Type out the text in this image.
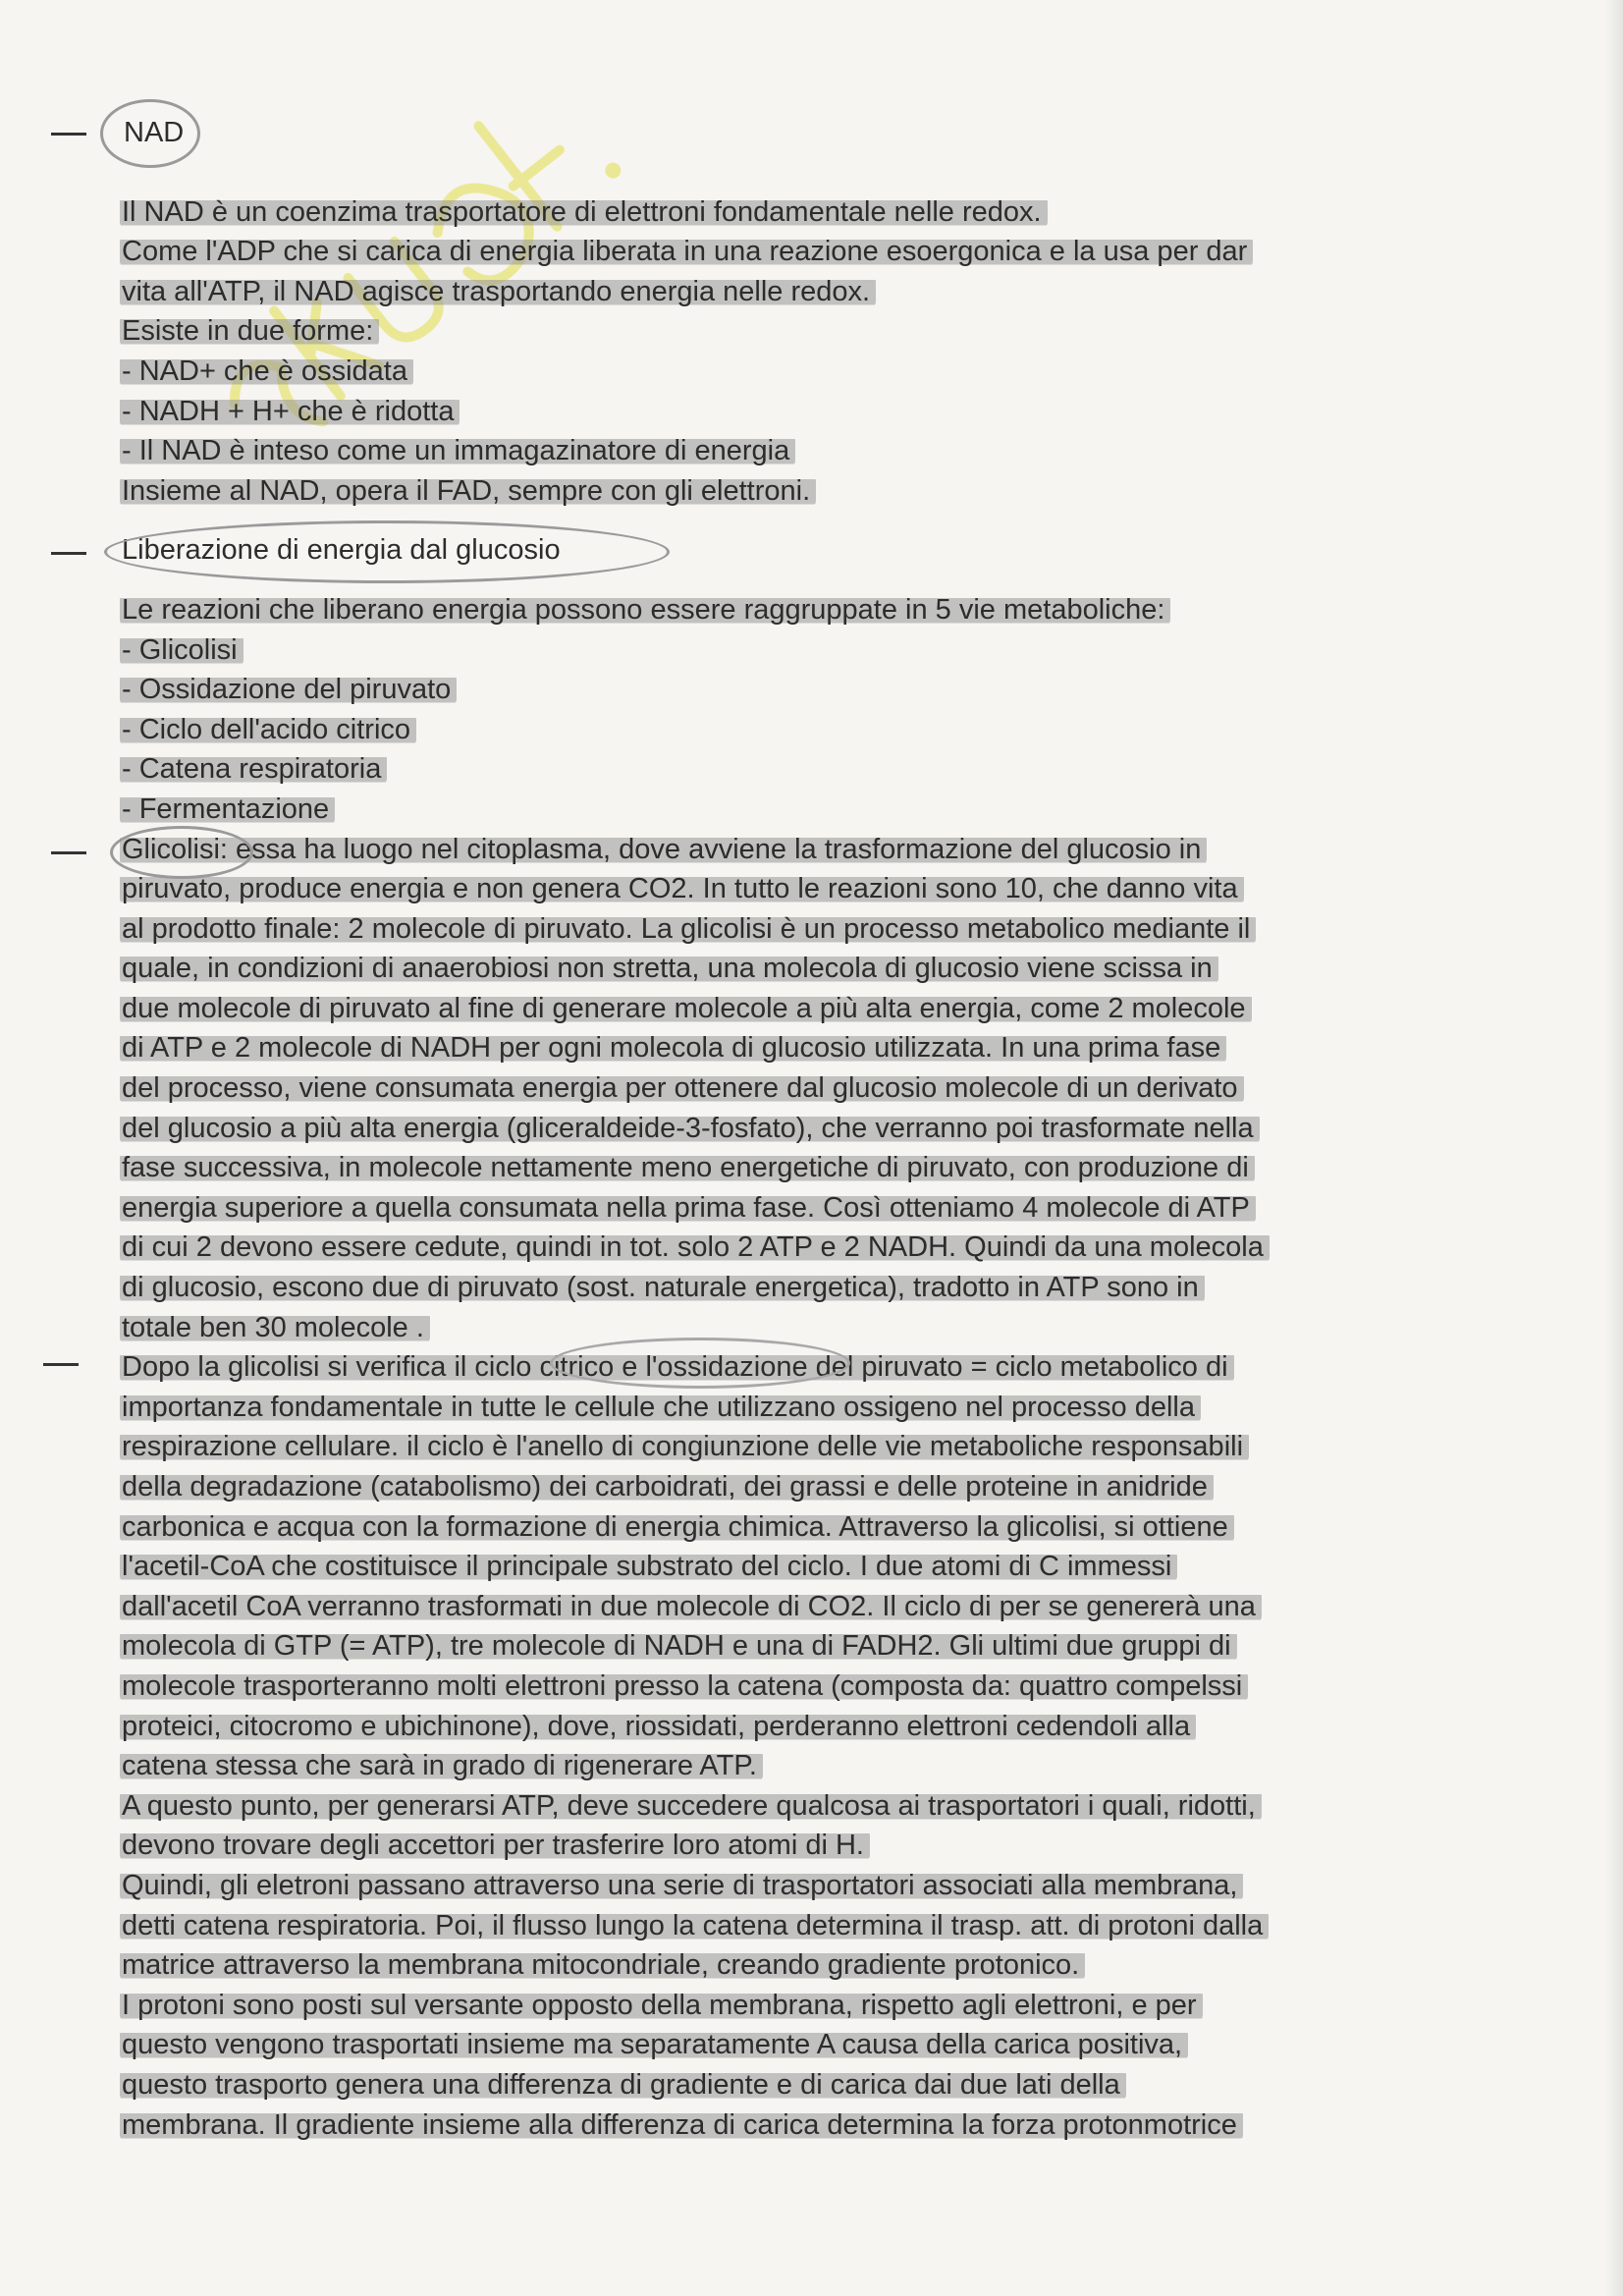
NAD
Il NAD è un coenzima trasportatore di elettroni fondamentale nelle redox.
Come l'ADP che si carica di energia liberata in una reazione esoergonica e la usa per dar
vita all'ATP, il NAD agisce trasportando energia nelle redox.
Esiste in due forme:
- NAD+ che è ossidata
- NADH + H+ che è ridotta
- Il NAD è inteso come un immagazinatore di energia
Insieme al NAD, opera il FAD, sempre con gli elettroni.
Liberazione di energia dal glucosio
Le reazioni che liberano energia possono essere raggruppate in 5 vie metaboliche:
- Glicolisi
- Ossidazione del piruvato
- Ciclo dell'acido citrico
- Catena respiratoria
- Fermentazione
Glicolisi: essa ha luogo nel citoplasma, dove avviene la trasformazione del glucosio in
piruvato, produce energia e non genera CO2. In tutto le reazioni sono 10, che danno vita
al prodotto finale: 2 molecole di piruvato. La glicolisi è un processo metabolico mediante il
quale, in condizioni di anaerobiosi non stretta, una molecola di glucosio viene scissa in
due molecole di piruvato al fine di generare molecole a più alta energia, come 2 molecole
di ATP e 2 molecole di NADH per ogni molecola di glucosio utilizzata. In una prima fase
del processo, viene consumata energia per ottenere dal glucosio molecole di un derivato
del glucosio a più alta energia (gliceraldeide-3-fosfato), che verranno poi trasformate nella
fase successiva, in molecole nettamente meno energetiche di piruvato, con produzione di
energia superiore a quella consumata nella prima fase. Così otteniamo 4 molecole di ATP
di cui 2 devono essere cedute, quindi in tot. solo 2 ATP e 2 NADH. Quindi da una molecola
di glucosio, escono due di piruvato (sost. naturale energetica), tradotto in ATP sono in
totale ben 30 molecole .
Dopo la glicolisi si verifica il ciclo citrico e l'ossidazione del piruvato = ciclo metabolico di
importanza fondamentale in tutte le cellule che utilizzano ossigeno nel processo della
respirazione cellulare. il ciclo è l'anello di congiunzione delle vie metaboliche responsabili
della degradazione (catabolismo) dei carboidrati, dei grassi e delle proteine in anidride
carbonica e acqua con la formazione di energia chimica. Attraverso la glicolisi, si ottiene
l'acetil-CoA che costituisce il principale substrato del ciclo. I due atomi di C immessi
dall'acetil CoA verranno trasformati in due molecole di CO2. Il ciclo di per se genererà una
molecola di GTP (= ATP), tre molecole di NADH e una di FADH2. Gli ultimi due gruppi di
molecole trasporteranno molti elettroni presso la catena (composta da: quattro compelssi
proteici, citocromo e ubichinone), dove, riossidati, perderanno elettroni cedendoli alla
catena stessa che sarà in grado di rigenerare ATP.
A questo punto, per generarsi ATP, deve succedere qualcosa ai trasportatori i quali, ridotti,
devono trovare degli accettori per trasferire loro atomi di H.
Quindi, gli eletroni passano attraverso una serie di trasportatori associati alla membrana,
detti catena respiratoria. Poi, il flusso lungo la catena determina il trasp. att. di protoni dalla
matrice attraverso la membrana mitocondriale, creando gradiente protonico.
I protoni sono posti sul versante opposto della membrana, rispetto agli elettroni, e per
questo vengono trasportati insieme ma separatamente A causa della carica positiva,
questo trasporto genera una differenza di gradiente e di carica dai due lati della
membrana. Il gradiente insieme alla differenza di carica determina la forza protonmotrice
